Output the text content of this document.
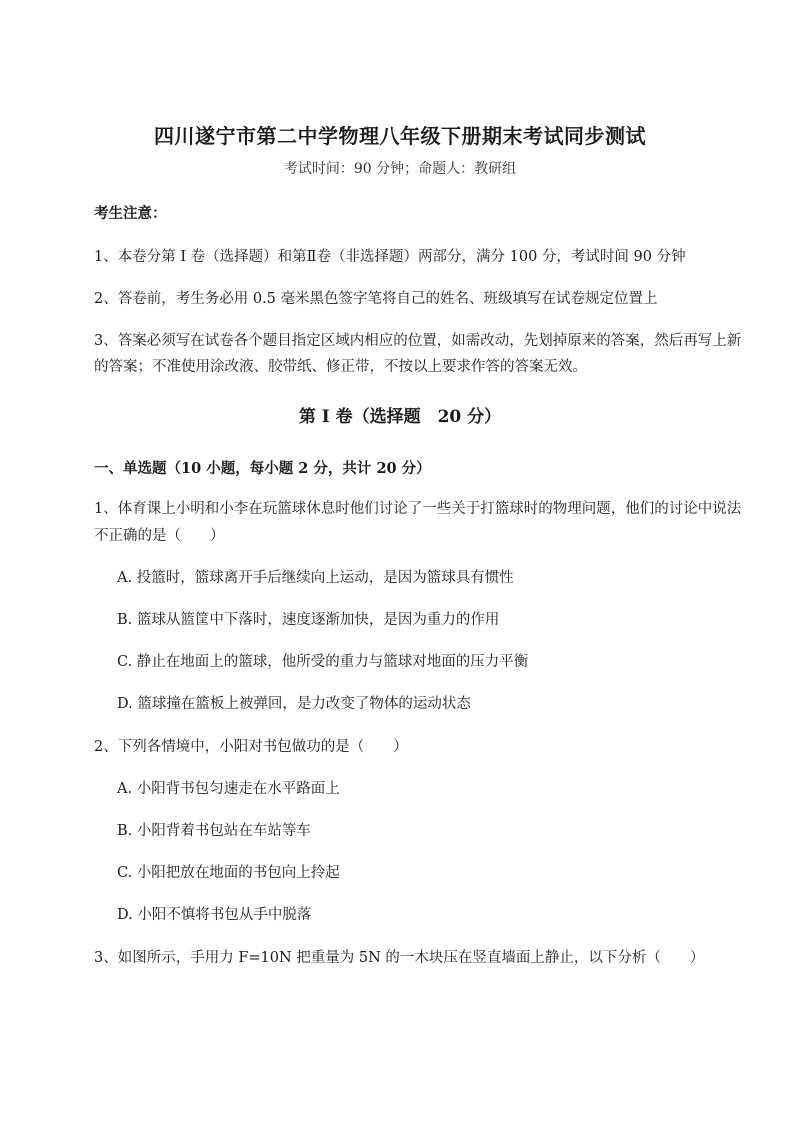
四川遂宁市第二中学物理八年级下册期末考试同步测试
考试时间：90 分钟；命题人：教研组
考生注意：
1、本卷分第 I 卷（选择题）和第Ⅱ卷（非选择题）两部分，满分 100 分，考试时间 90 分钟
2、答卷前，考生务必用 0.5 毫米黑色签字笔将自己的姓名、班级填写在试卷规定位置上
3、答案必须写在试卷各个题目指定区域内相应的位置，如需改动，先划掉原来的答案，然后再写上新
的答案；不准使用涂改液、胶带纸、修正带，不按以上要求作答的答案无效。
第 I 卷（选择题　20 分）
一、单选题（10 小题，每小题 2 分，共计 20 分）
1、体育课上小明和小李在玩篮球休息时他们讨论了一些关于打篮球时的物理问题，他们的讨论中说法
不正确的是（　　）
A. 投篮时，篮球离开手后继续向上运动，是因为篮球具有惯性
B. 篮球从篮筐中下落时，速度逐渐加快，是因为重力的作用
C. 静止在地面上的篮球，他所受的重力与篮球对地面的压力平衡
D. 篮球撞在篮板上被弹回，是力改变了物体的运动状态
2、下列各情境中，小阳对书包做功的是（　　）
A. 小阳背书包匀速走在水平路面上
B. 小阳背着书包站在车站等车
C. 小阳把放在地面的书包向上拎起
D. 小阳不慎将书包从手中脱落
3、如图所示，手用力 F=10N 把重量为 5N 的一木块压在竖直墙面上静止，以下分析（　　）
